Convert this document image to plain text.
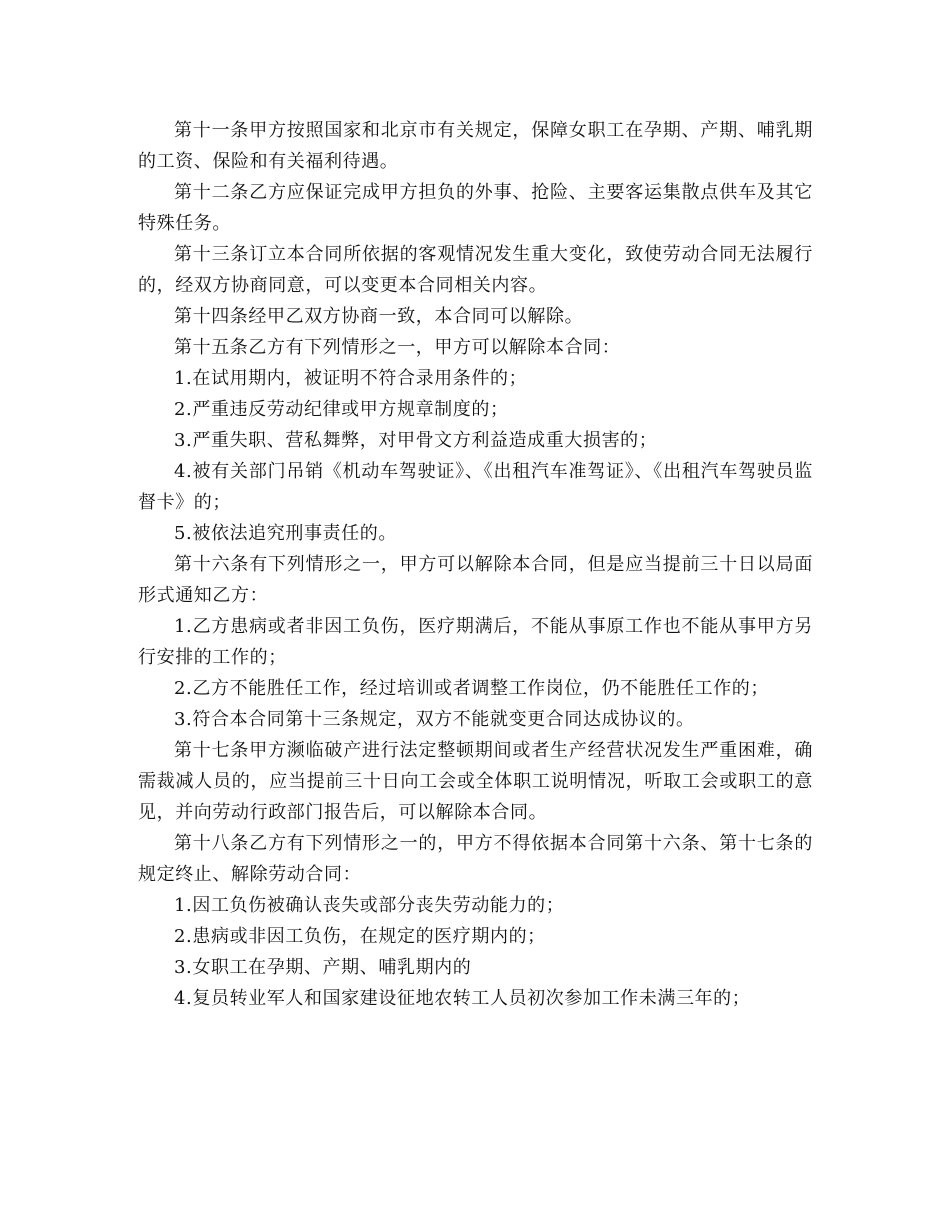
第十一条甲方按照国家和北京市有关规定，保障女职工在孕期、产期、哺乳期的工资、保险和有关福利待遇。

第十二条乙方应保证完成甲方担负的外事、抢险、主要客运集散点供车及其它特殊任务。

第十三条订立本合同所依据的客观情况发生重大变化，致使劳动合同无法履行的，经双方协商同意，可以变更本合同相关内容。

第十四条经甲乙双方协商一致，本合同可以解除。

第十五条乙方有下列情形之一，甲方可以解除本合同：

1.在试用期内，被证明不符合录用条件的；

2.严重违反劳动纪律或甲方规章制度的；

3.严重失职、营私舞弊，对甲骨文方利益造成重大损害的；

4.被有关部门吊销《机动车驾驶证》、《出租汽车准驾证》、《出租汽车驾驶员监督卡》的；

5.被依法追究刑事责任的。

第十六条有下列情形之一，甲方可以解除本合同，但是应当提前三十日以局面形式通知乙方：

1.乙方患病或者非因工负伤，医疗期满后，不能从事原工作也不能从事甲方另行安排的工作的；

2.乙方不能胜任工作，经过培训或者调整工作岗位，仍不能胜任工作的；

3.符合本合同第十三条规定，双方不能就变更合同达成协议的。

第十七条甲方濒临破产进行法定整顿期间或者生产经营状况发生严重困难，确需裁减人员的，应当提前三十日向工会或全体职工说明情况，听取工会或职工的意见，并向劳动行政部门报告后，可以解除本合同。

第十八条乙方有下列情形之一的，甲方不得依据本合同第十六条、第十七条的规定终止、解除劳动合同：

1.因工负伤被确认丧失或部分丧失劳动能力的；

2.患病或非因工负伤，在规定的医疗期内的；

3.女职工在孕期、产期、哺乳期内的

4.复员转业军人和国家建设征地农转工人员初次参加工作未满三年的；
